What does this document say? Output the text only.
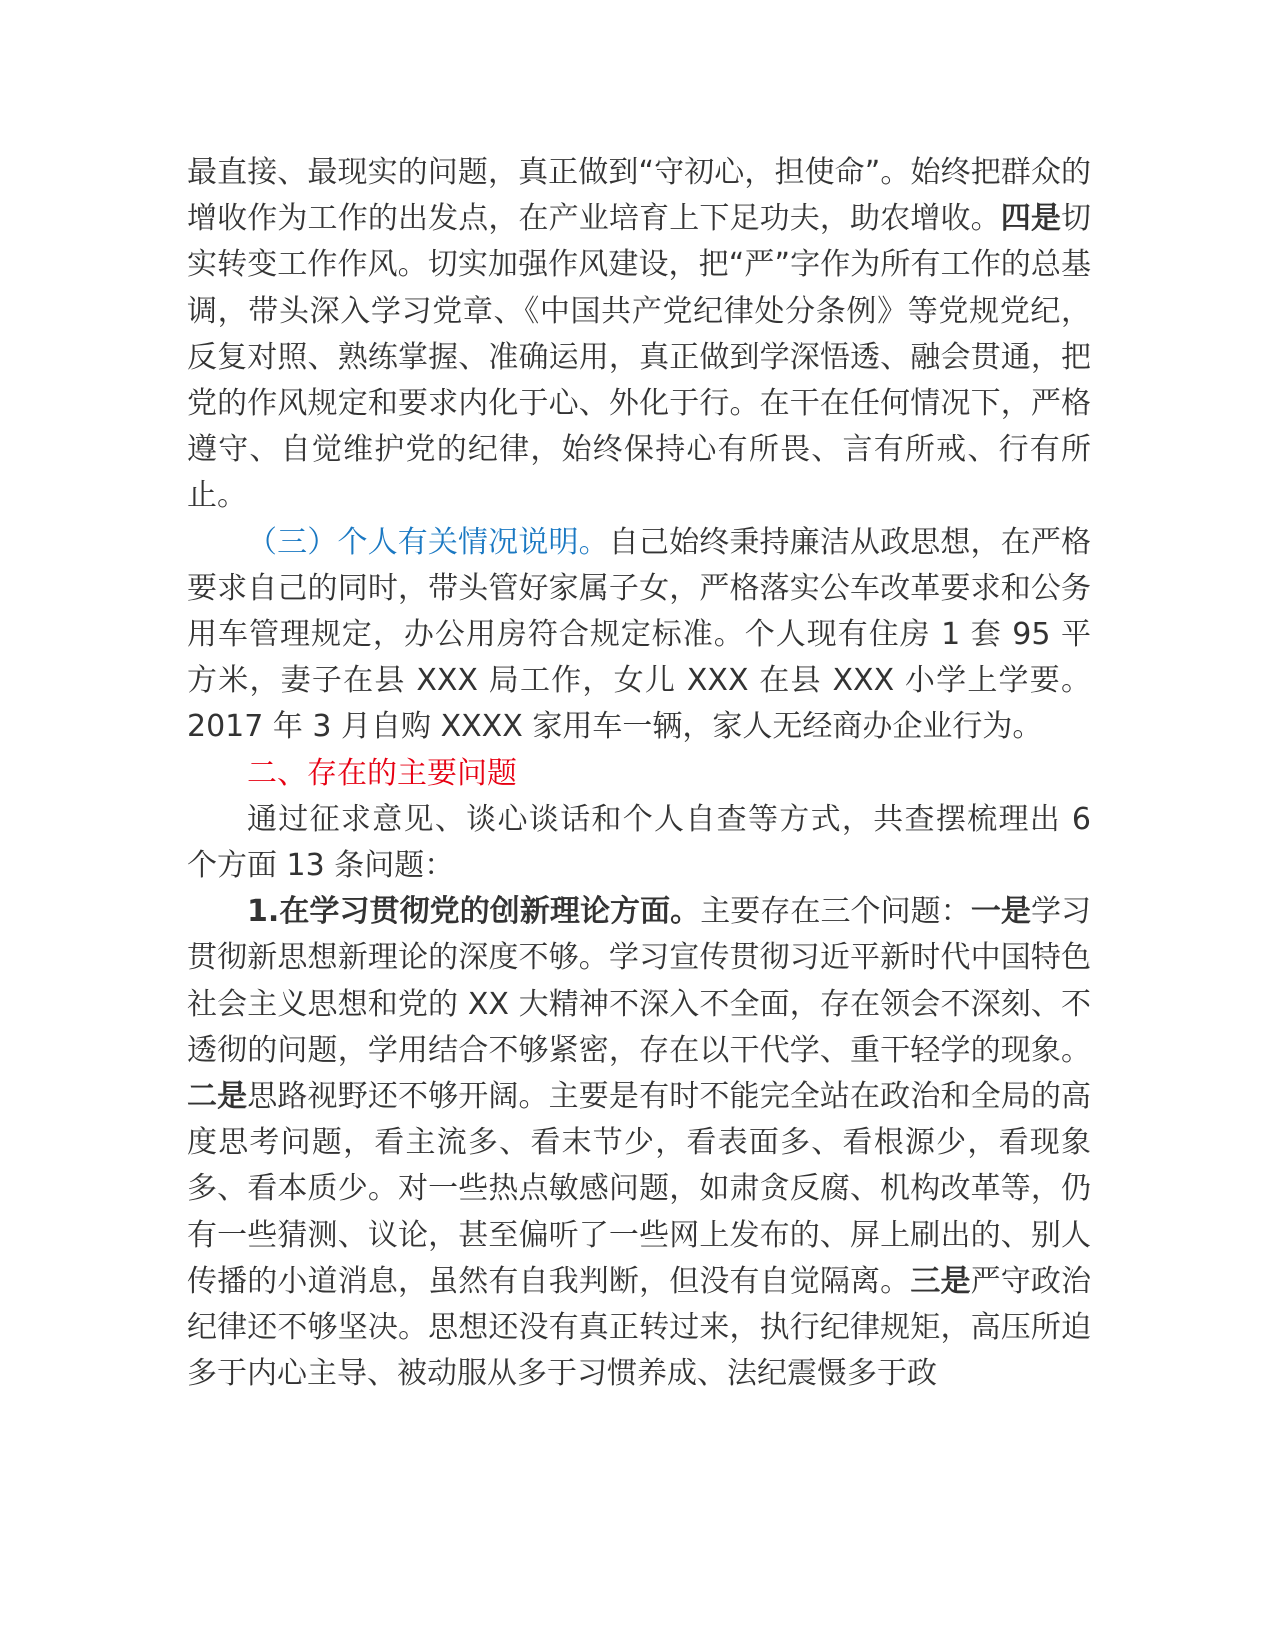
最直接、最现实的问题，真正做到“守初心，担使命”。始终把群众的增收作为工作的出发点，在产业培育上下足功夫，助农增收。四是切实转变工作作风。切实加强作风建设，把“严”字作为所有工作的总基调，带头深入学习党章、《中国共产党纪律处分条例》等党规党纪，反复对照、熟练掌握、准确运用，真正做到学深悟透、融会贯通，把党的作风规定和要求内化于心、外化于行。在干在任何情况下，严格遵守、自觉维护党的纪律，始终保持心有所畏、言有所戒、行有所止。

（三）个人有关情况说明。自己始终秉持廉洁从政思想，在严格要求自己的同时，带头管好家属子女，严格落实公车改革要求和公务用车管理规定，办公用房符合规定标准。个人现有住房 1 套 95 平方米，妻子在县 XXX 局工作，女儿 XXX 在县 XXX 小学上学要。2017 年 3 月自购 XXXX 家用车一辆，家人无经商办企业行为。

二、存在的主要问题

通过征求意见、谈心谈话和个人自查等方式，共查摆梳理出 6 个方面 13 条问题：

1.在学习贯彻党的创新理论方面。主要存在三个问题：一是学习贯彻新思想新理论的深度不够。学习宣传贯彻习近平新时代中国特色社会主义思想和党的 XX 大精神不深入不全面，存在领会不深刻、不透彻的问题，学用结合不够紧密，存在以干代学、重干轻学的现象。二是思路视野还不够开阔。主要是有时不能完全站在政治和全局的高度思考问题，看主流多、看末节少，看表面多、看根源少，看现象多、看本质少。对一些热点敏感问题，如肃贪反腐、机构改革等，仍有一些猜测、议论，甚至偏听了一些网上发布的、屏上刷出的、别人传播的小道消息，虽然有自我判断，但没有自觉隔离。三是严守政治纪律还不够坚决。思想还没有真正转过来，执行纪律规矩，高压所迫多于内心主导、被动服从多于习惯养成、法纪震慑多于政
